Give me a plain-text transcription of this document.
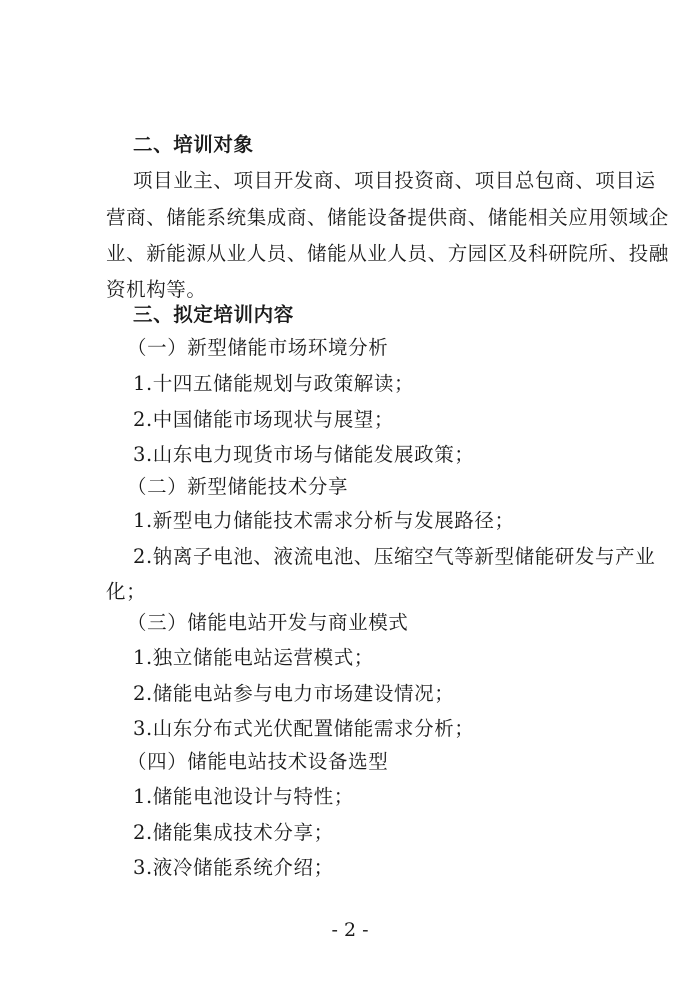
二、培训对象
项目业主、项目开发商、项目投资商、项目总包商、项目运
营商、储能系统集成商、储能设备提供商、储能相关应用领域企
业、新能源从业人员、储能从业人员、方园区及科研院所、投融
资机构等。
三、拟定培训内容
（一）新型储能市场环境分析
1.十四五储能规划与政策解读；
2.中国储能市场现状与展望；
3.山东电力现货市场与储能发展政策；
（二）新型储能技术分享
1.新型电力储能技术需求分析与发展路径；
2.钠离子电池、液流电池、压缩空气等新型储能研发与产业
化；
（三）储能电站开发与商业模式
1.独立储能电站运营模式；
2.储能电站参与电力市场建设情况；
3.山东分布式光伏配置储能需求分析；
（四）储能电站技术设备选型
1.储能电池设计与特性；
2.储能集成技术分享；
3.液冷储能系统介绍；
- 2 -
